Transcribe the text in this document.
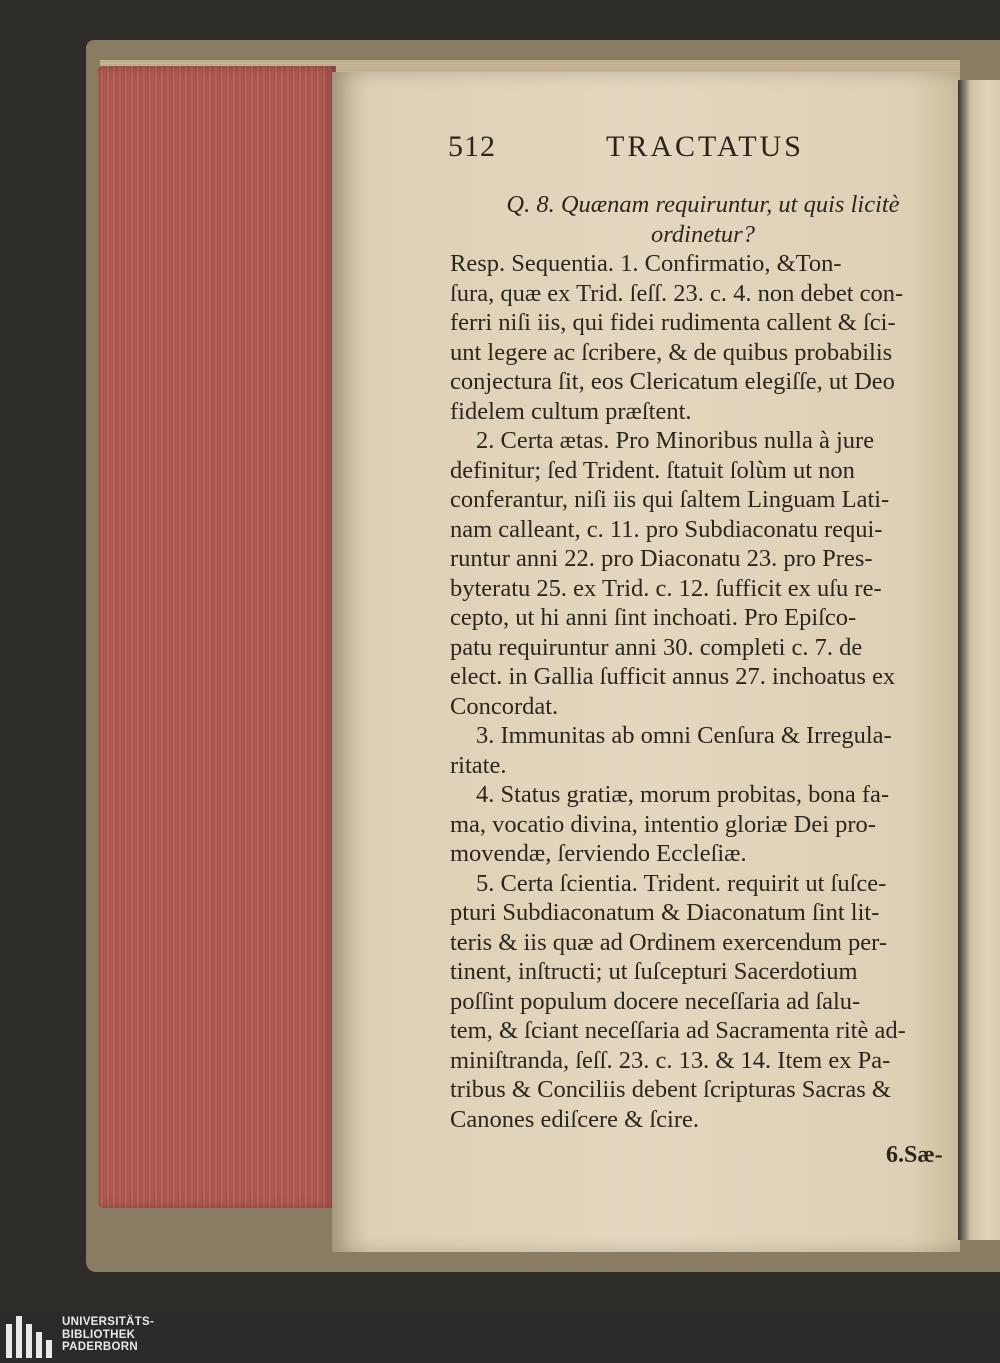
512	TRACTATUS
Q. 8. Quænam requiruntur, ut quis licitè
ordinetur?
Resp. Sequentia. 1. Confirmatio, &Ton-
ſura, quæ ex Trid. ſeſſ. 23. c. 4. non debet con-
ferri niſi iis, qui fidei rudimenta callent & ſci-
unt legere ac ſcribere, & de quibus probabilis
conjectura ſit, eos Clericatum elegiſſe, ut Deo
fidelem cultum præſtent.
2. Certa ætas. Pro Minoribus nulla à jure
definitur; ſed Trident. ſtatuit ſolùm ut non
conferantur, niſi iis qui ſaltem Linguam Lati-
nam calleant, c. 11. pro Subdiaconatu requi-
runtur anni 22. pro Diaconatu 23. pro Pres-
byteratu 25. ex Trid. c. 12. ſufficit ex uſu re-
cepto, ut hi anni ſint inchoati. Pro Epiſco-
patu requiruntur anni 30. completi c. 7. de
elect. in Gallia ſufficit annus 27. inchoatus ex
Concordat.
3. Immunitas ab omni Cenſura & Irregula-
ritate.
4. Status gratiæ, morum probitas, bona fa-
ma, vocatio divina, intentio gloriæ Dei pro-
movendæ, ſerviendo Eccleſiæ.
5. Certa ſcientia. Trident. requirit ut ſuſce-
pturi Subdiaconatum & Diaconatum ſint lit-
teris & iis quæ ad Ordinem exercendum per-
tinent, inſtructi; ut ſuſcepturi Sacerdotium
poſſint populum docere neceſſaria ad ſalu-
tem, & ſciant neceſſaria ad Sacramenta ritè ad-
miniſtranda, ſeſſ. 23. c. 13. & 14. Item ex Pa-
tribus & Conciliis debent ſcripturas Sacras &
Canones ediſcere & ſcire.
6.Sæ-
UNIVERSITÄTS-
BIBLIOTHEK
PADERBORN
